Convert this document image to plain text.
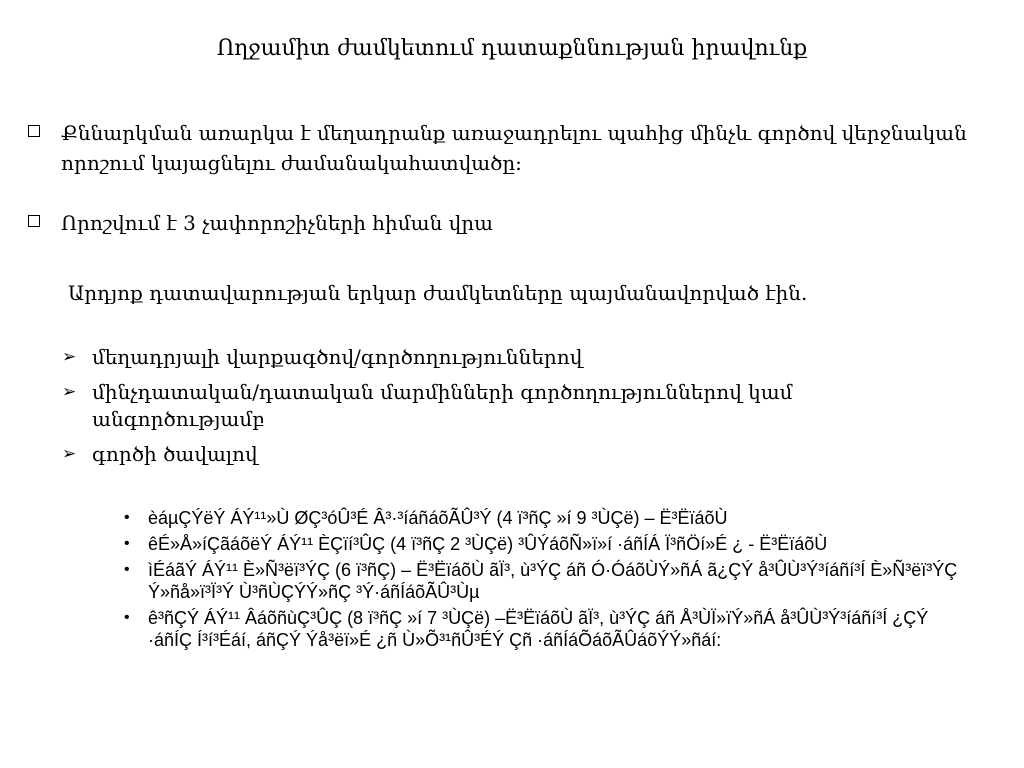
Ողջամիտ ժամկետում դատաքննության իրավունք
Քննարկման առարկա է մեղադրանք առաջադրելու պահից մինչև գործով վերջնական որոշում կայացնելու ժամանակահատվածը:
Որոշվում է 3 չափորոշիչների հիման վրա
Արդյոք դատավարության երկար ժամկետները պայմանավորված էին.
➢ մեղադրյալի վարքագծով/գործողություններով
➢ մինչդատական/դատական մարմինների գործողություններով կամ անգործությամբ
➢ գործի ծավալով
• èáµÇÝëÝ ÁÝ¹¹»Ù ØÇ³óÛ³É Â³·³íáñáõÃÛ³Ý (4 ï³ñÇ »í 9 ³ÙÇë) – Ë³ËïáõÙ
• êÉ»Å»íÇãáõëÝ ÁÝ¹¹ ÈÇïí³ÛÇ (4 ï³ñÇ 2 ³ÙÇë) ³ÛÝáõÑ»ï»í ·áñÍÁ Ï³ñÖí»É ¿ - Ë³ËïáõÙ
• ìÉáãÝ ÁÝ¹¹ È»Ñ³ëï³ÝÇ (6 ï³ñÇ) – Ë³ËïáõÙ ãÏ³, ù³ÝÇ áñ Ó·ÓáõÙÝ»ñÁ ã¿ÇÝ å³ÛÙ³Ý³íáñí³Í È»Ñ³ëï³ÝÇ Ý»ñå»ï³Ï³Ý Ù³ñÙÇÝÝ»ñÇ ³Ý·áñÍáõÃÛ³Ùµ
• ê³ñÇÝ ÁÝ¹¹ ÂáõñùÇ³ÛÇ (8 ï³ñÇ »í 7 ³ÙÇë) –Ë³ËïáõÙ ãÏ³, ù³ÝÇ áñ Å³ÙÏ»ïÝ»ñÁ å³ÛÙ³Ý³íáñí³Í ¿ÇÝ ·áñÍÇ Í³í³Éáí, áñÇÝ Ýå³ëï»É ¿ñ Ù»Õ³¹ñÛ³ÉÝ Çñ ·áñÍáÕáõÃÛáõÝÝ»ñáí:
